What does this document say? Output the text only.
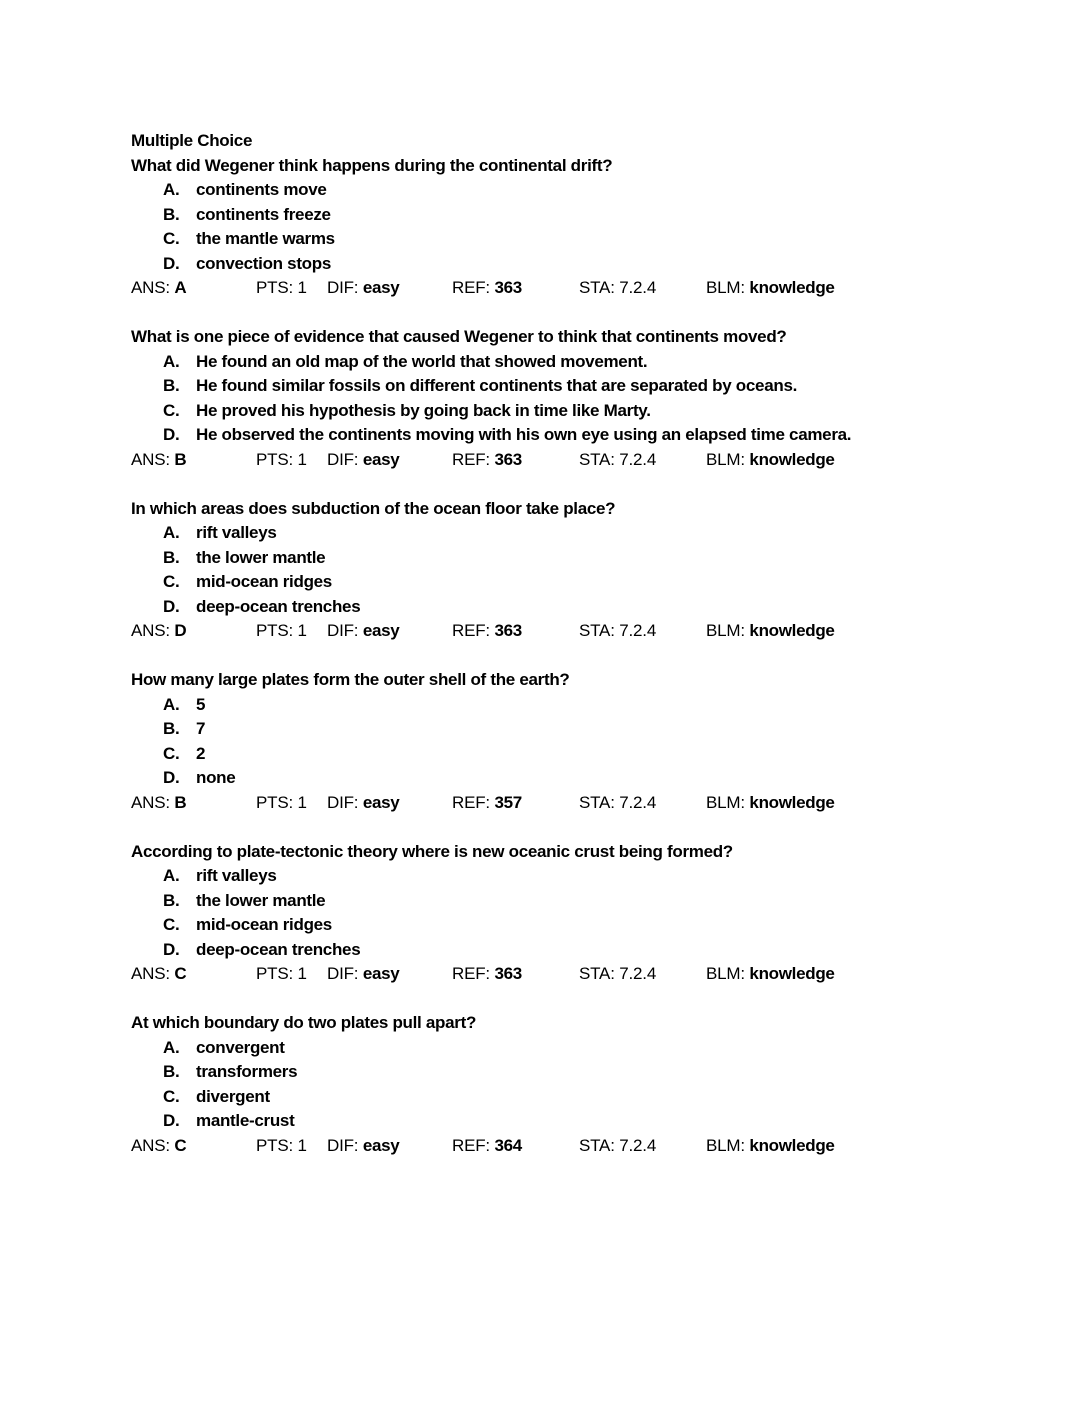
Multiple Choice
What did Wegener think happens during the continental drift?
A. continents move
B. continents freeze
C. the mantle warms
D. convection stops
ANS: A	PTS: 1 DIF: easy	REF: 363	STA: 7.2.4	BLM: knowledge
What is one piece of evidence that caused Wegener to think that continents moved?
A. He found an old map of the world that showed movement.
B. He found similar fossils on different continents that are separated by oceans.
C. He proved his hypothesis by going back in time like Marty.
D. He observed the continents moving with his own eye using an elapsed time camera.
ANS: B	PTS: 1 DIF: easy	REF: 363	STA: 7.2.4	BLM: knowledge
In which areas does subduction of the ocean floor take place?
A. rift valleys
B. the lower mantle
C. mid-ocean ridges
D. deep-ocean trenches
ANS: D	PTS: 1 DIF: easy	REF: 363	STA: 7.2.4	BLM: knowledge
How many large plates form the outer shell of the earth?
A. 5
B. 7
C. 2
D. none
ANS: B	PTS: 1 DIF: easy	REF: 357	STA: 7.2.4	BLM: knowledge
According to plate-tectonic theory where is new oceanic crust being formed?
A. rift valleys
B. the lower mantle
C. mid-ocean ridges
D. deep-ocean trenches
ANS: C	PTS: 1 DIF: easy	REF: 363	STA: 7.2.4	BLM: knowledge
At which boundary do two plates pull apart?
A. convergent
B. transformers
C. divergent
D. mantle-crust
ANS: C	PTS: 1 DIF: easy	REF: 364	STA: 7.2.4	BLM: knowledge
